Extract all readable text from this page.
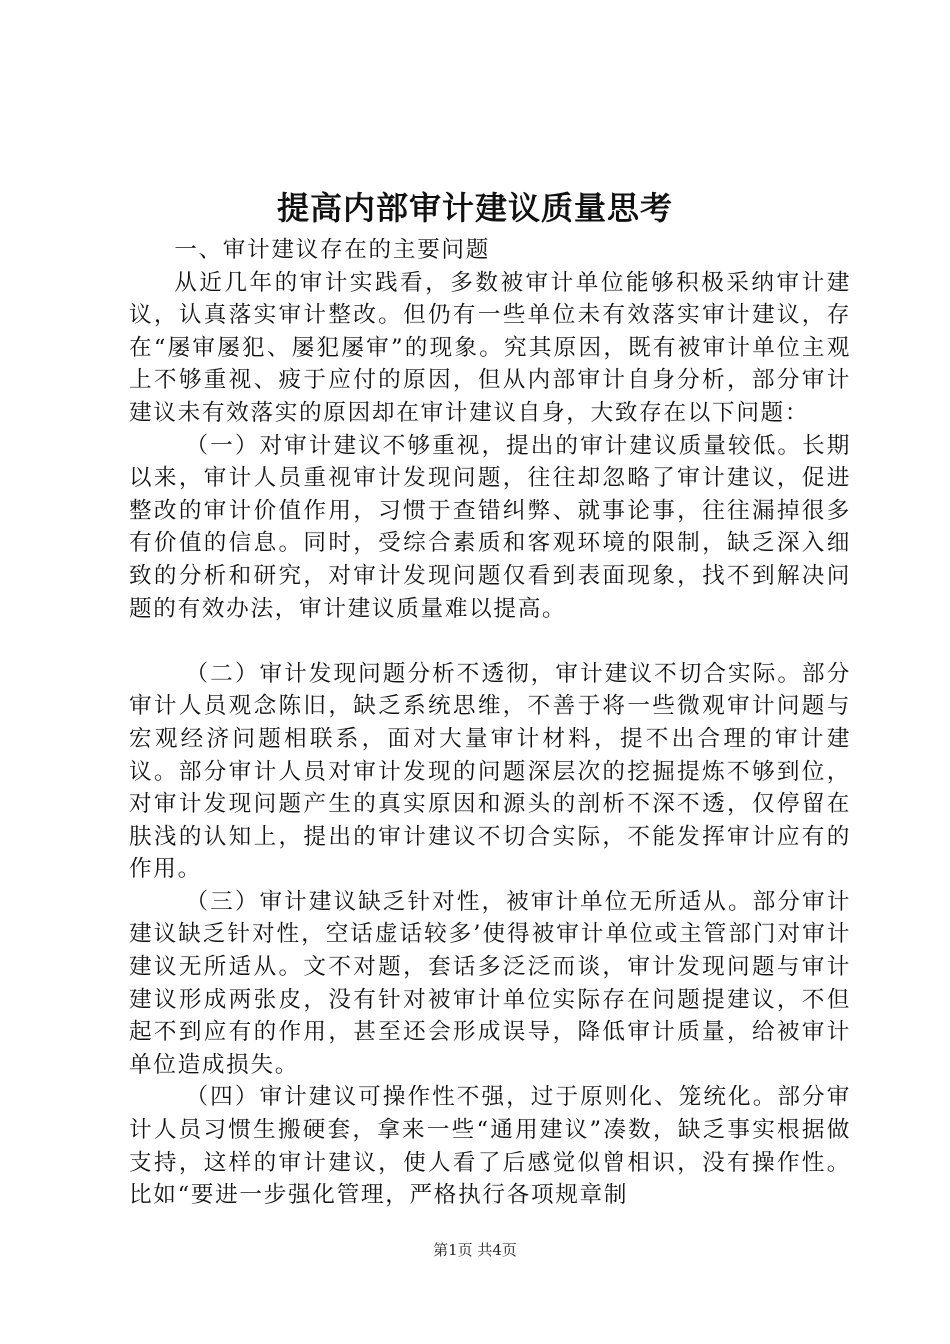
提高内部审计建议质量思考

一、审计建议存在的主要问题

从近几年的审计实践看，多数被审计单位能够积极采纳审计建议，认真落实审计整改。但仍有一些单位未有效落实审计建议，存在“屡审屡犯、屡犯屡审”的现象。究其原因，既有被审计单位主观上不够重视、疲于应付的原因，但从内部审计自身分析，部分审计建议未有效落实的原因却在审计建议自身，大致存在以下问题：

（一）对审计建议不够重视，提出的审计建议质量较低。长期以来，审计人员重视审计发现问题，往往却忽略了审计建议，促进整改的审计价值作用，习惯于查错纠弊、就事论事，往往漏掉很多有价值的信息。同时，受综合素质和客观环境的限制，缺乏深入细致的分析和研究，对审计发现问题仅看到表面现象，找不到解决问题的有效办法，审计建议质量难以提高。

（二）审计发现问题分析不透彻，审计建议不切合实际。部分审计人员观念陈旧，缺乏系统思维，不善于将一些微观审计问题与宏观经济问题相联系，面对大量审计材料，提不出合理的审计建议。部分审计人员对审计发现的问题深层次的挖掘提炼不够到位，对审计发现问题产生的真实原因和源头的剖析不深不透，仅停留在肤浅的认知上，提出的审计建议不切合实际，不能发挥审计应有的作用。

（三）审计建议缺乏针对性，被审计单位无所适从。部分审计建议缺乏针对性，空话虚话较多’使得被审计单位或主管部门对审计建议无所适从。文不对题，套话多泛泛而谈，审计发现问题与审计建议形成两张皮，没有针对被审计单位实际存在问题提建议，不但起不到应有的作用，甚至还会形成误导，降低审计质量，给被审计单位造成损失。

（四）审计建议可操作性不强，过于原则化、笼统化。部分审计人员习惯生搬硬套，拿来一些“通用建议”凑数，缺乏事实根据做支持，这样的审计建议，使人看了后感觉似曾相识，没有操作性。比如“要进一步强化管理，严格执行各项规章制

第1页 共4页
